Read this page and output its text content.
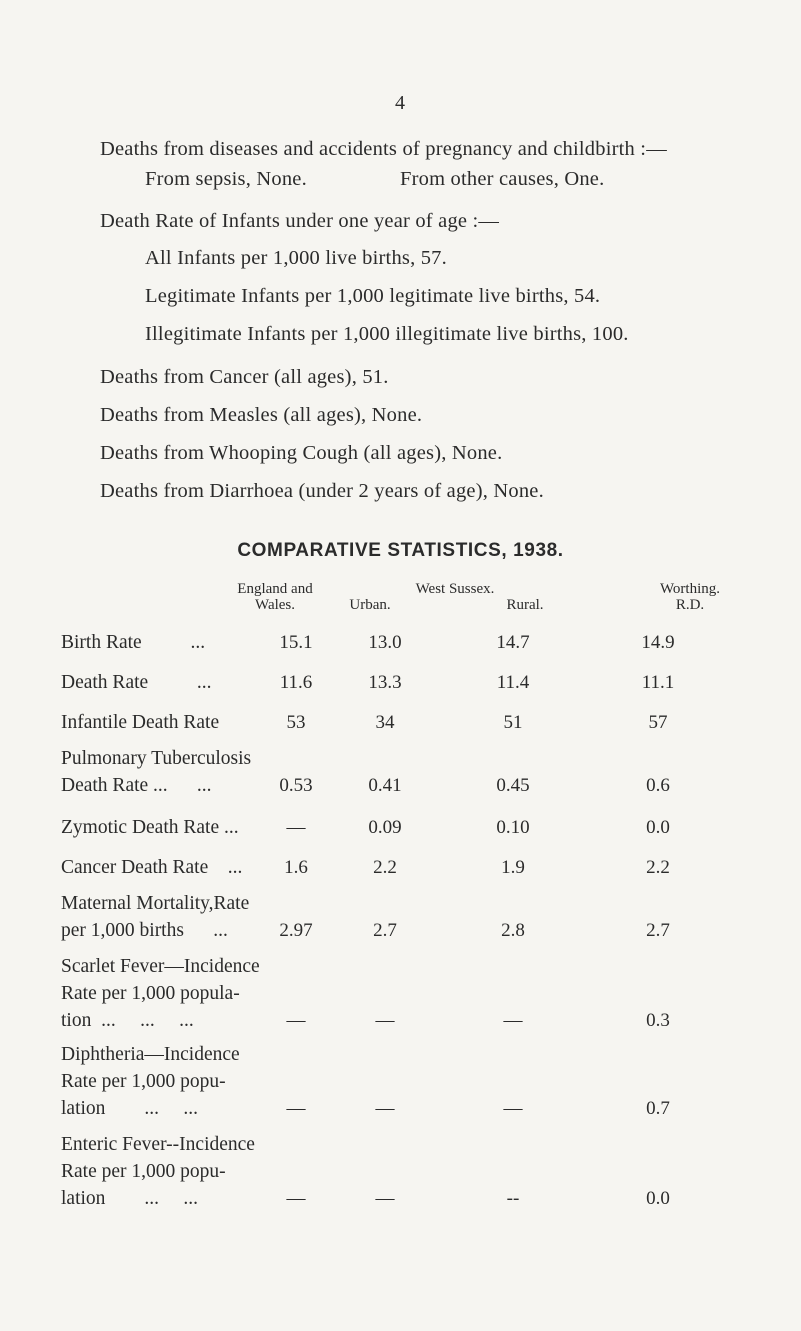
4
Deaths from diseases and accidents of pregnancy and childbirth :—
From sepsis, None.	From other causes, One.
Death Rate of Infants under one year of age :—
All Infants per 1,000 live births, 57.
Legitimate Infants per 1,000 legitimate live births, 54.
Illegitimate Infants per 1,000 illegitimate live births, 100.
Deaths from Cancer (all ages), 51.
Deaths from Measles (all ages), None.
Deaths from Whooping Cough (all ages), None.
Deaths from Diarrhoea (under 2 years of age), None.
COMPARATIVE STATISTICS, 1938.
England and
Wales.
West Sussex.
Urban.	Rural.
Worthing.
R.D.
Birth Rate          ...	15.1	13.0	14.7	14.9
Death Rate          ...	11.6	13.3	11.4	11.1
Infantile Death Rate	53	34	51	57
Pulmonary Tuberculosis
Death Rate ...      ...	0.53	0.41	0.45	0.6
Zymotic Death Rate ...	—	0.09	0.10	0.0
Cancer Death Rate    ...	1.6	2.2	1.9	2.2
Maternal Mortality,Rate
per 1,000 births      ...	2.97	2.7	2.8	2.7
Scarlet Fever—Incidence
Rate per 1,000 popula-
tion  ...     ...     ...	—	—	—	0.3
Diphtheria—Incidence
Rate per 1,000 popu-
lation        ...     ...	—	—	—	0.7
Enteric Fever--Incidence
Rate per 1,000 popu-
lation        ...     ...	—	—	--	0.0
